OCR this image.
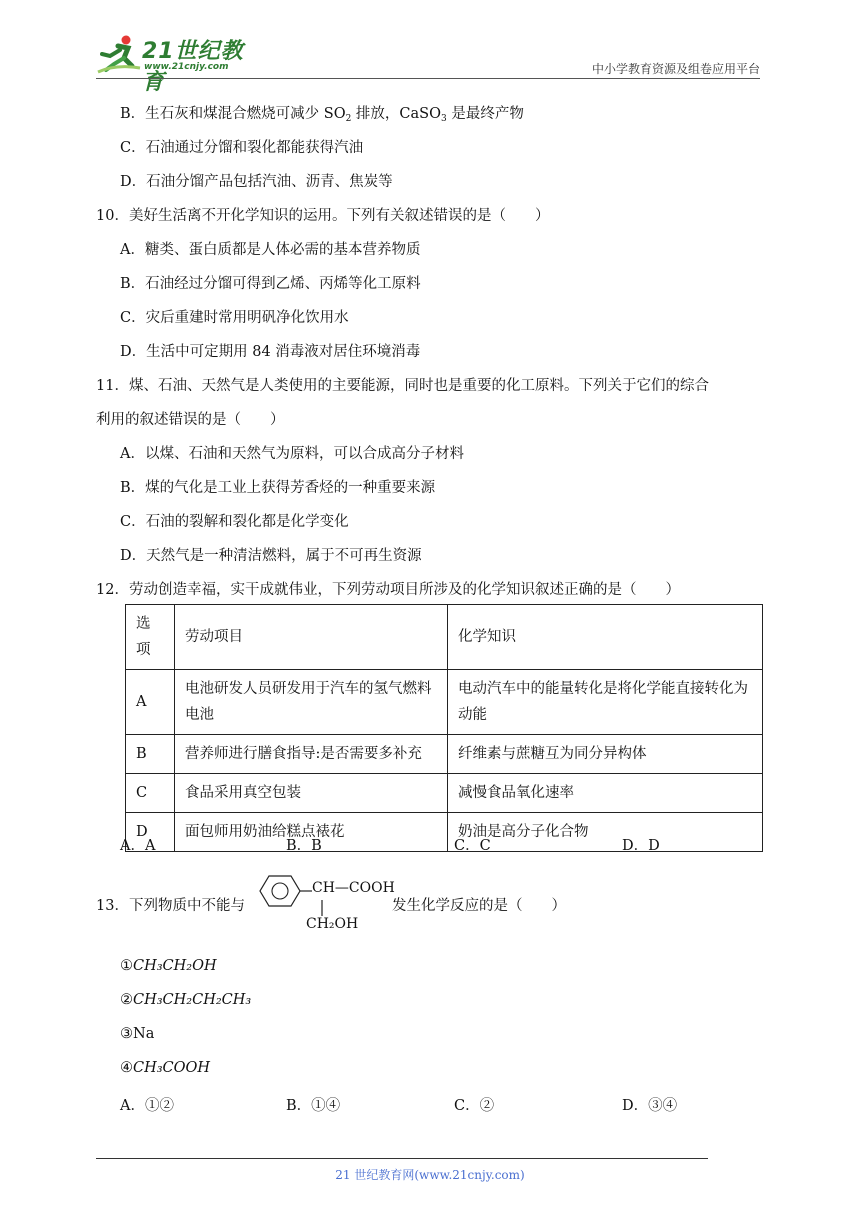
21世纪教育
www.21cnjy.com	中小学教育资源及组卷应用平台
B．生石灰和煤混合燃烧可减少 $SO_2$ 排放，CaSO$_3$ 是最终产物
C．石油通过分馏和裂化都能获得汽油
D．石油分馏产品包括汽油、沥青、焦炭等
10．美好生活离不开化学知识的运用。下列有关叙述错误的是（　　）
A．糖类、蛋白质都是人体必需的基本营养物质
B．石油经过分馏可得到乙烯、丙烯等化工原料
C．灾后重建时常用明矾净化饮用水
D．生活中可定期用 84 消毒液对居住环境消毒
11．煤、石油、天然气是人类使用的主要能源，同时也是重要的化工原料。下列关于它们的综合
利用的叙述错误的是（　　）
A．以煤、石油和天然气为原料，可以合成高分子材料
B．煤的气化是工业上获得芳香烃的一种重要来源
C．石油的裂解和裂化都是化学变化
D．天然气是一种清洁燃料，属于不可再生资源
12．劳动创造幸福，实干成就伟业，下列劳动项目所涉及的化学知识叙述正确的是（　　）
选项	劳动项目	化学知识
A	电池研发人员研发用于汽车的氢气燃料电池	电动汽车中的能量转化是将化学能直接转化为动能
B	营养师进行膳食指导:是否需要多补充	纤维素与蔗糖互为同分异构体
C	食品采用真空包装	减慢食品氧化速率
D	面包师用奶油给糕点裱花	奶油是高分子化合物
A．A	B．B	C．C	D．D
13．下列物质中不能与
CH—COOH
CH₂OH
发生化学反应的是（　　）
①CH₃CH₂OH
②CH₃CH₂CH₂CH₃
③Na
④CH₃COOH
A．①②	B．①④	C．②	D．③④
21 世纪教育网(www.21cnjy.com)
